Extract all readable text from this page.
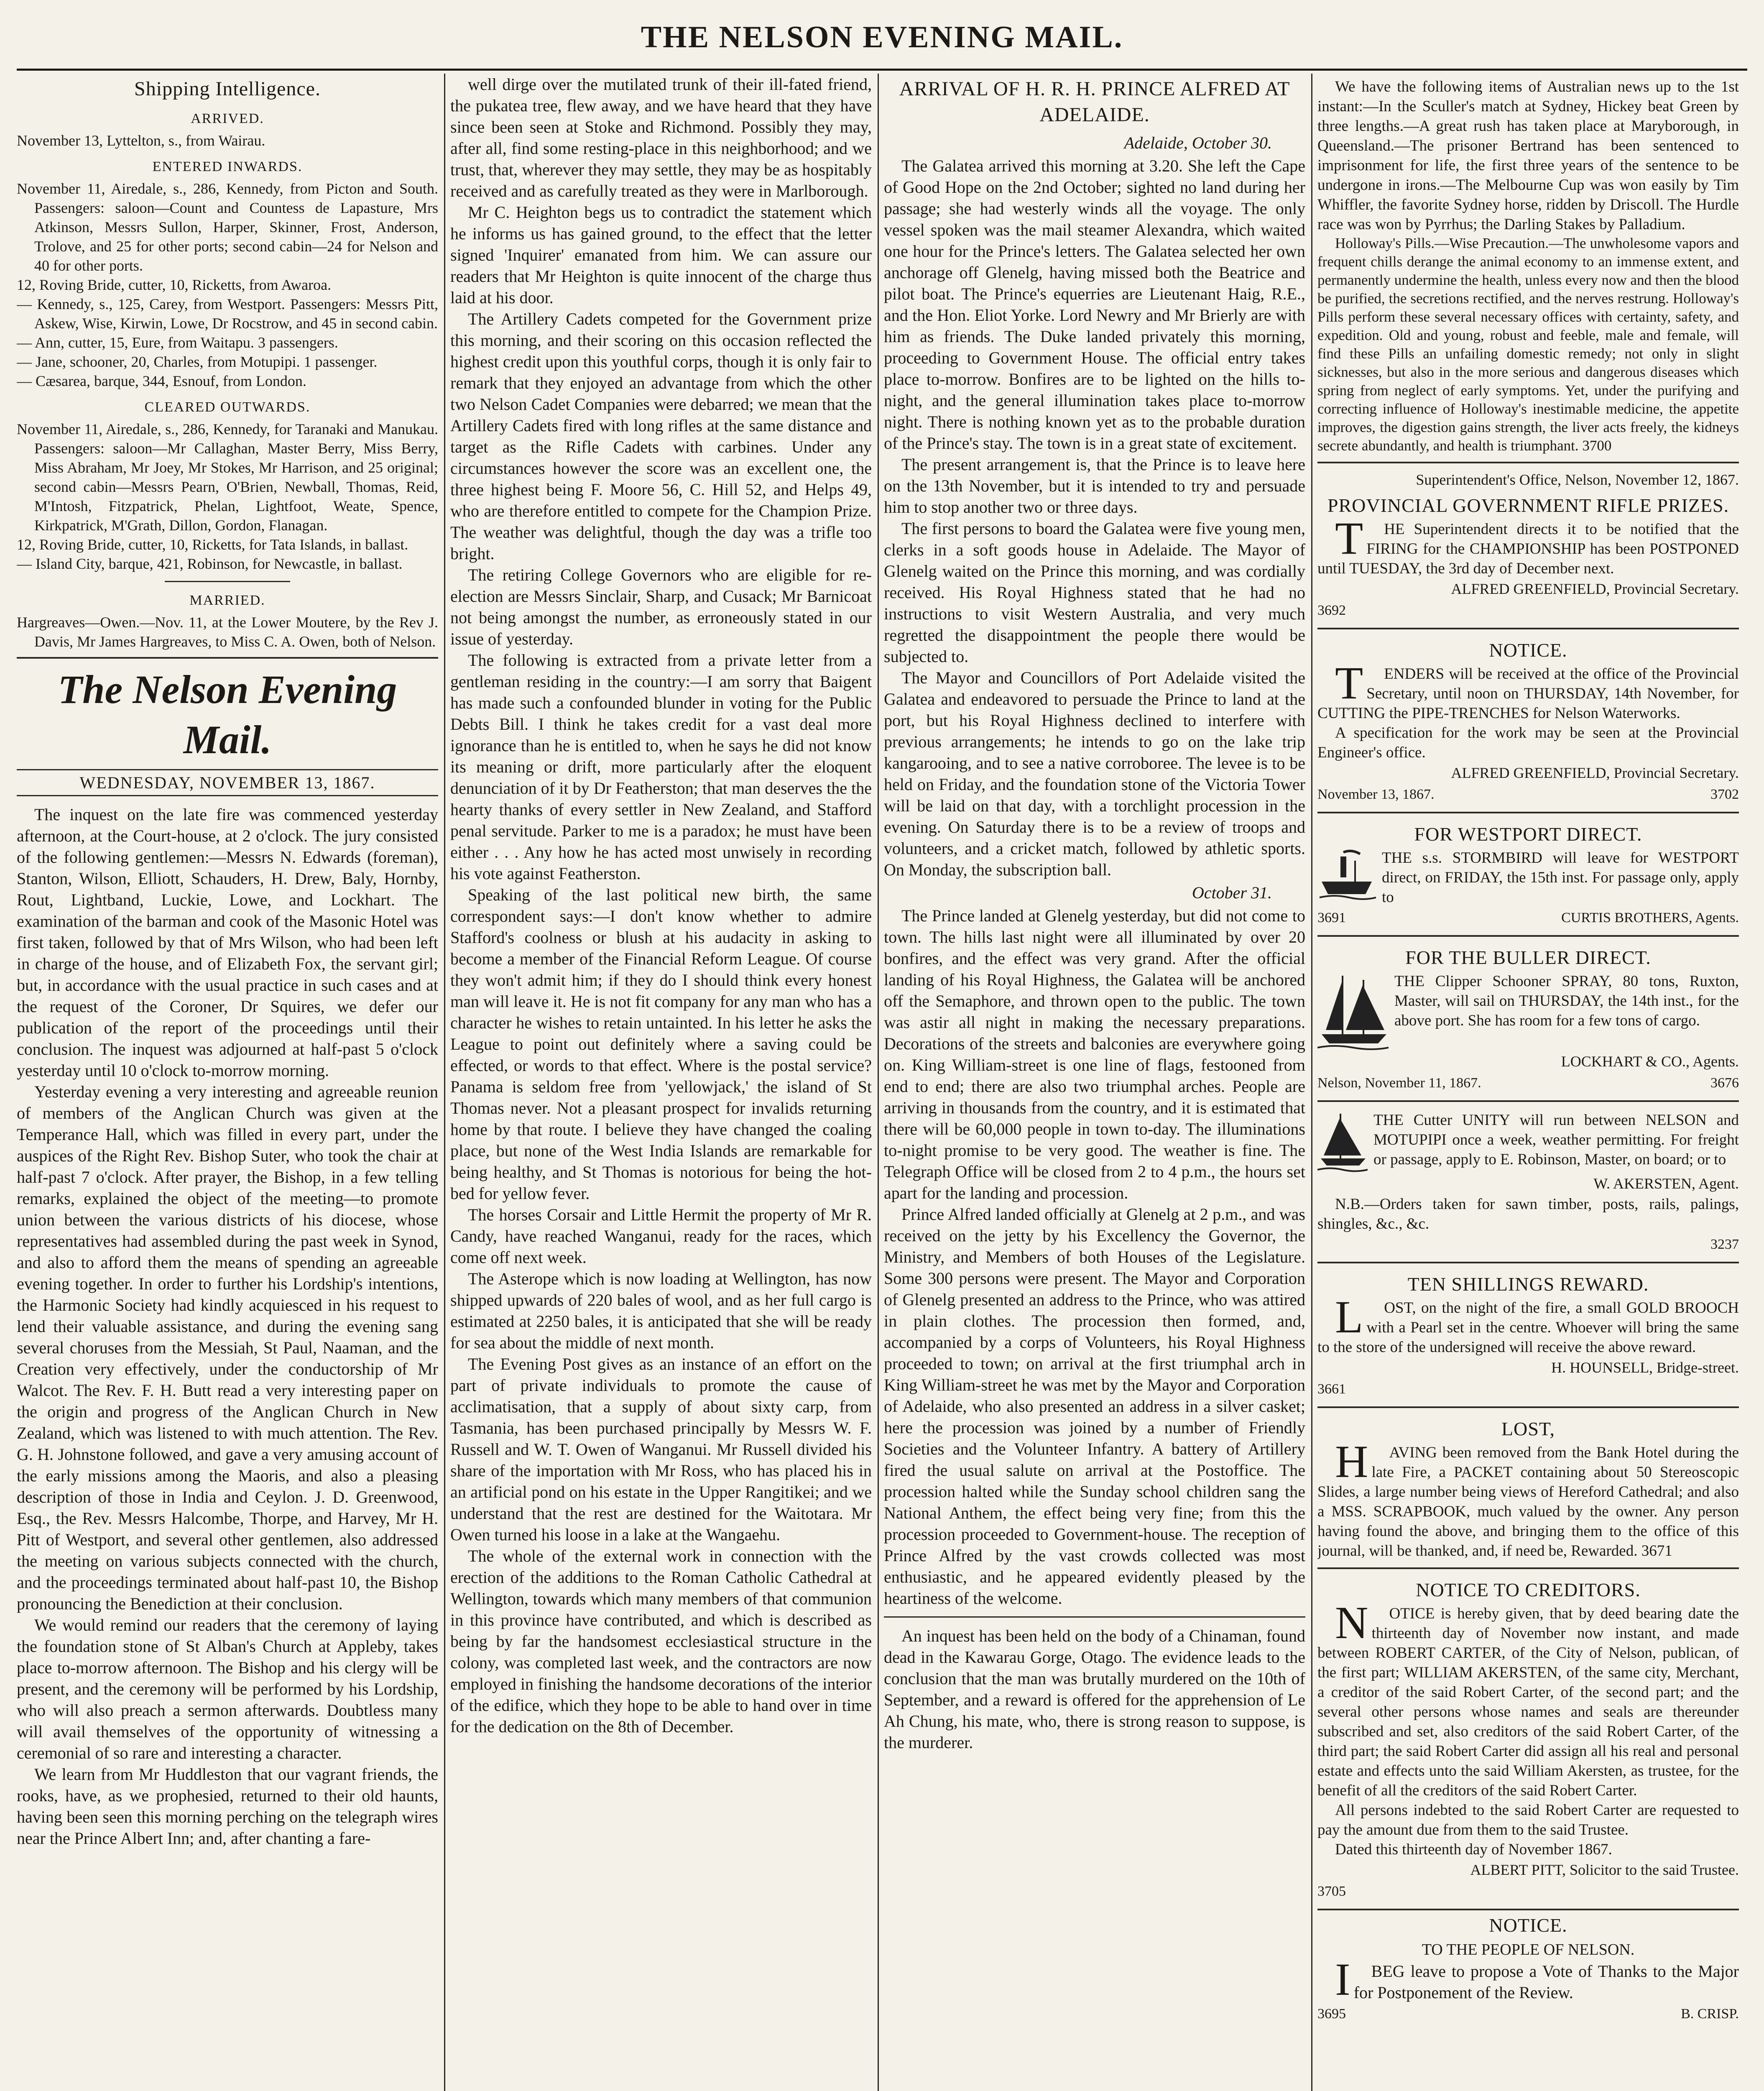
THE NELSON EVENING MAIL.
Shipping Intelligence.
ARRIVED.

November 13, Lyttelton, s., from Wairau.

ENTERED INWARDS.

November 11, Airedale, s., 286, Kennedy, from Picton and South. Passengers: saloon—Count and Countess de Lapasture, Mrs Atkinson, Messrs Sullon, Harper, Skinner, Frost, Anderson, Trolove, and 25 for other ports; second cabin—24 for Nelson and 40 for other ports.

12, Roving Bride, cutter, 10, Ricketts, from Awaroa.

— Kennedy, s., 125, Carey, from Westport. Passengers: Messrs Pitt, Askew, Wise, Kirwin, Lowe, Dr Rocstrow, and 45 in second cabin.

— Ann, cutter, 15, Eure, from Waitapu. 3 passengers.

— Jane, schooner, 20, Charles, from Motupipi. 1 passenger.

— Cæsarea, barque, 344, Esnouf, from London.

CLEARED OUTWARDS.

November 11, Airedale, s., 286, Kennedy, for Taranaki and Manukau. Passengers: saloon—Mr Callaghan, Master Berry, Miss Berry, Miss Abraham, Mr Joey, Mr Stokes, Mr Harrison, and 25 original; second cabin—Messrs Pearn, O'Brien, Newball, Thomas, Reid, M'Intosh, Fitzpatrick, Phelan, Lightfoot, Weate, Spence, Kirkpatrick, M'Grath, Dillon, Gordon, Flanagan.

12, Roving Bride, cutter, 10, Ricketts, for Tata Islands, in ballast.

— Island City, barque, 421, Robinson, for Newcastle, in ballast.

MARRIED.

Hargreaves—Owen.—Nov. 11, at the Lower Moutere, by the Rev J. Davis, Mr James Hargreaves, to Miss C. A. Owen, both of Nelson.

The Nelson Evening Mail.
WEDNESDAY, NOVEMBER 13, 1867.

The inquest on the late fire was commenced yesterday afternoon, at the Court-house, at 2 o'clock. The jury consisted of the following gentlemen:—Messrs N. Edwards (foreman), Stanton, Wilson, Elliott, Schauders, H. Drew, Baly, Hornby, Rout, Lightband, Luckie, Lowe, and Lockhart. The examination of the barman and cook of the Masonic Hotel was first taken, followed by that of Mrs Wilson, who had been left in charge of the house, and of Elizabeth Fox, the servant girl; but, in accordance with the usual practice in such cases and at the request of the Coroner, Dr Squires, we defer our publication of the report of the proceedings until their conclusion. The inquest was adjourned at half-past 5 o'clock yesterday until 10 o'clock to-morrow morning.

Yesterday evening a very interesting and agreeable reunion of members of the Anglican Church was given at the Temperance Hall, which was filled in every part, under the auspices of the Right Rev. Bishop Suter, who took the chair at half-past 7 o'clock. After prayer, the Bishop, in a few telling remarks, explained the object of the meeting—to promote union between the various districts of his diocese, whose representatives had assembled during the past week in Synod, and also to afford them the means of spending an agreeable evening together. In order to further his Lordship's intentions, the Harmonic Society had kindly acquiesced in his request to lend their valuable assistance, and during the evening sang several choruses from the Messiah, St Paul, Naaman, and the Creation very effectively, under the conductorship of Mr Walcot. The Rev. F. H. Butt read a very interesting paper on the origin and progress of the Anglican Church in New Zealand, which was listened to with much attention. The Rev. G. H. Johnstone followed, and gave a very amusing account of the early missions among the Maoris, and also a pleasing description of those in India and Ceylon. J. D. Greenwood, Esq., the Rev. Messrs Halcombe, Thorpe, and Harvey, Mr H. Pitt of Westport, and several other gentlemen, also addressed the meeting on various subjects connected with the church, and the proceedings terminated about half-past 10, the Bishop pronouncing the Benediction at their conclusion.

We would remind our readers that the ceremony of laying the foundation stone of St Alban's Church at Appleby, takes place to-morrow afternoon. The Bishop and his clergy will be present, and the ceremony will be performed by his Lordship, who will also preach a sermon afterwards. Doubtless many will avail themselves of the opportunity of witnessing a ceremonial of so rare and interesting a character.

We learn from Mr Huddleston that our vagrant friends, the rooks, have, as we prophesied, returned to their old haunts, having been seen this morning perching on the telegraph wires near the Prince Albert Inn; and, after chanting a fare-

well dirge over the mutilated trunk of their ill-fated friend, the pukatea tree, flew away, and we have heard that they have since been seen at Stoke and Richmond. Possibly they may, after all, find some resting-place in this neighborhood; and we trust, that, wherever they may settle, they may be as hospitably received and as carefully treated as they were in Marlborough.

Mr C. Heighton begs us to contradict the statement which he informs us has gained ground, to the effect that the letter signed 'Inquirer' emanated from him. We can assure our readers that Mr Heighton is quite innocent of the charge thus laid at his door.

The Artillery Cadets competed for the Government prize this morning, and their scoring on this occasion reflected the highest credit upon this youthful corps, though it is only fair to remark that they enjoyed an advantage from which the other two Nelson Cadet Companies were debarred; we mean that the Artillery Cadets fired with long rifles at the same distance and target as the Rifle Cadets with carbines. Under any circumstances however the score was an excellent one, the three highest being F. Moore 56, C. Hill 52, and Helps 49, who are therefore entitled to compete for the Champion Prize. The weather was delightful, though the day was a trifle too bright.

The retiring College Governors who are eligible for re-election are Messrs Sinclair, Sharp, and Cusack; Mr Barnicoat not being amongst the number, as erroneously stated in our issue of yesterday.

The following is extracted from a private letter from a gentleman residing in the country:—I am sorry that Baigent has made such a confounded blunder in voting for the Public Debts Bill. I think he takes credit for a vast deal more ignorance than he is entitled to, when he says he did not know its meaning or drift, more particularly after the eloquent denunciation of it by Dr Featherston; that man deserves the the hearty thanks of every settler in New Zealand, and Stafford penal servitude. Parker to me is a paradox; he must have been either . . . Any how he has acted most unwisely in recording his vote against Featherston.

Speaking of the last political new birth, the same correspondent says:—I don't know whether to admire Stafford's coolness or blush at his audacity in asking to become a member of the Financial Reform League. Of course they won't admit him; if they do I should think every honest man will leave it. He is not fit company for any man who has a character he wishes to retain untainted. In his letter he asks the League to point out definitely where a saving could be effected, or words to that effect. Where is the postal service? Panama is seldom free from 'yellowjack,' the island of St Thomas never. Not a pleasant prospect for invalids returning home by that route. I believe they have changed the coaling place, but none of the West India Islands are remarkable for being healthy, and St Thomas is notorious for being the hot-bed for yellow fever.

The horses Corsair and Little Hermit the property of Mr R. Candy, have reached Wanganui, ready for the races, which come off next week.

The Asterope which is now loading at Wellington, has now shipped upwards of 220 bales of wool, and as her full cargo is estimated at 2250 bales, it is anticipated that she will be ready for sea about the middle of next month.

The Evening Post gives as an instance of an effort on the part of private individuals to promote the cause of acclimatisation, that a supply of about sixty carp, from Tasmania, has been purchased principally by Messrs W. F. Russell and W. T. Owen of Wanganui. Mr Russell divided his share of the importation with Mr Ross, who has placed his in an artificial pond on his estate in the Upper Rangitikei; and we understand that the rest are destined for the Waitotara. Mr Owen turned his loose in a lake at the Wangaehu.

The whole of the external work in connection with the erection of the additions to the Roman Catholic Cathedral at Wellington, towards which many members of that communion in this province have contributed, and which is described as being by far the handsomest ecclesiastical structure in the colony, was completed last week, and the contractors are now employed in finishing the handsome decorations of the interior of the edifice, which they hope to be able to hand over in time for the dedication on the 8th of December.

ARRIVAL OF H. R. H. PRINCE ALFRED AT ADELAIDE.
Adelaide, October 30.

The Galatea arrived this morning at 3.20. She left the Cape of Good Hope on the 2nd October; sighted no land during her passage; she had westerly winds all the voyage. The only vessel spoken was the mail steamer Alexandra, which waited one hour for the Prince's letters. The Galatea selected her own anchorage off Glenelg, having missed both the Beatrice and pilot boat. The Prince's equerries are Lieutenant Haig, R.E., and the Hon. Eliot Yorke. Lord Newry and Mr Brierly are with him as friends. The Duke landed privately this morning, proceeding to Government House. The official entry takes place to-morrow. Bonfires are to be lighted on the hills to-night, and the general illumination takes place to-morrow night. There is nothing known yet as to the probable duration of the Prince's stay. The town is in a great state of excitement.

The present arrangement is, that the Prince is to leave here on the 13th November, but it is intended to try and persuade him to stop another two or three days.

The first persons to board the Galatea were five young men, clerks in a soft goods house in Adelaide. The Mayor of Glenelg waited on the Prince this morning, and was cordially received. His Royal Highness stated that he had no instructions to visit Western Australia, and very much regretted the disappointment the people there would be subjected to.

The Mayor and Councillors of Port Adelaide visited the Galatea and endeavored to persuade the Prince to land at the port, but his Royal Highness declined to interfere with previous arrangements; he intends to go on the lake trip kangarooing, and to see a native corroboree. The levee is to be held on Friday, and the foundation stone of the Victoria Tower will be laid on that day, with a torchlight procession in the evening. On Saturday there is to be a review of troops and volunteers, and a cricket match, followed by athletic sports. On Monday, the subscription ball.

October 31.

The Prince landed at Glenelg yesterday, but did not come to town. The hills last night were all illuminated by over 20 bonfires, and the effect was very grand. After the official landing of his Royal Highness, the Galatea will be anchored off the Semaphore, and thrown open to the public. The town was astir all night in making the necessary preparations. Decorations of the streets and balconies are everywhere going on. King William-street is one line of flags, festooned from end to end; there are also two triumphal arches. People are arriving in thousands from the country, and it is estimated that there will be 60,000 people in town to-day. The illuminations to-night promise to be very good. The weather is fine. The Telegraph Office will be closed from 2 to 4 p.m., the hours set apart for the landing and procession.

Prince Alfred landed officially at Glenelg at 2 p.m., and was received on the jetty by his Excellency the Governor, the Ministry, and Members of both Houses of the Legislature. Some 300 persons were present. The Mayor and Corporation of Glenelg presented an address to the Prince, who was attired in plain clothes. The procession then formed, and, accompanied by a corps of Volunteers, his Royal Highness proceeded to town; on arrival at the first triumphal arch in King William-street he was met by the Mayor and Corporation of Adelaide, who also presented an address in a silver casket; here the procession was joined by a number of Friendly Societies and the Volunteer Infantry. A battery of Artillery fired the usual salute on arrival at the Postoffice. The procession halted while the Sunday school children sang the National Anthem, the effect being very fine; from this the procession proceeded to Government-house. The reception of Prince Alfred by the vast crowds collected was most enthusiastic, and he appeared evidently pleased by the heartiness of the welcome.

An inquest has been held on the body of a Chinaman, found dead in the Kawarau Gorge, Otago. The evidence leads to the conclusion that the man was brutally murdered on the 10th of September, and a reward is offered for the apprehension of Le Ah Chung, his mate, who, there is strong reason to suppose, is the murderer.

We have the following items of Australian news up to the 1st instant:—In the Sculler's match at Sydney, Hickey beat Green by three lengths.—A great rush has taken place at Maryborough, in Queensland.—The prisoner Bertrand has been sentenced to imprisonment for life, the first three years of the sentence to be undergone in irons.—The Melbourne Cup was won easily by Tim Whiffler, the favorite Sydney horse, ridden by Driscoll. The Hurdle race was won by Pyrrhus; the Darling Stakes by Palladium.

Holloway's Pills.—Wise Precaution.—The unwholesome vapors and frequent chills derange the animal economy to an immense extent, and permanently undermine the health, unless every now and then the blood be purified, the secretions rectified, and the nerves restrung. Holloway's Pills perform these several necessary offices with certainty, safety, and expedition. Old and young, robust and feeble, male and female, will find these Pills an unfailing domestic remedy; not only in slight sicknesses, but also in the more serious and dangerous diseases which spring from neglect of early symptoms. Yet, under the purifying and correcting influence of Holloway's inestimable medicine, the appetite improves, the digestion gains strength, the liver acts freely, the kidneys secrete abundantly, and health is triumphant. 3700

Superintendent's Office, Nelson, November 12, 1867.
PROVINCIAL GOVERNMENT RIFLE PRIZES.

THE Superintendent directs it to be notified that the FIRING for the CHAMPIONSHIP has been POSTPONED until TUESDAY, the 3rd day of December next.

ALFRED GREENFIELD, Provincial Secretary.
3692
NOTICE.

TENDERS will be received at the office of the Provincial Secretary, until noon on THURSDAY, 14th November, for CUTTING the PIPE-TRENCHES for Nelson Waterworks.

A specification for the work may be seen at the Provincial Engineer's office.

ALFRED GREENFIELD, Provincial Secretary.
November 13, 1867.	3702
FOR WESTPORT DIRECT.

THE s.s. STORMBIRD will leave for WESTPORT direct, on FRIDAY, the 15th inst. For passage only, apply to

3691	CURTIS BROTHERS, Agents.
FOR THE BULLER DIRECT.

THE Clipper Schooner SPRAY, 80 tons, Ruxton, Master, will sail on THURSDAY, the 14th inst., for the above port. She has room for a few tons of cargo.

LOCKHART & CO., Agents.
Nelson, November 11, 1867.	3676

THE Cutter UNITY will run between NELSON and MOTUPIPI once a week, weather permitting. For freight or passage, apply to E. Robinson, Master, on board; or to

W. AKERSTEN, Agent.

N.B.—Orders taken for sawn timber, posts, rails, palings, shingles, &c., &c.

3237
TEN SHILLINGS REWARD.

LOST, on the night of the fire, a small GOLD BROOCH with a Pearl set in the centre. Whoever will bring the same to the store of the undersigned will receive the above reward.

H. HOUNSELL, Bridge-street.
3661
LOST,

HAVING been removed from the Bank Hotel during the late Fire, a PACKET containing about 50 Stereoscopic Slides, a large number being views of Hereford Cathedral; and also a MSS. SCRAPBOOK, much valued by the owner. Any person having found the above, and bringing them to the office of this journal, will be thanked, and, if need be, Rewarded. 3671

NOTICE TO CREDITORS.

NOTICE is hereby given, that by deed bearing date the thirteenth day of November now instant, and made between ROBERT CARTER, of the City of Nelson, publican, of the first part; WILLIAM AKERSTEN, of the same city, Merchant, a creditor of the said Robert Carter, of the second part; and the several other persons whose names and seals are thereunder subscribed and set, also creditors of the said Robert Carter, of the third part; the said Robert Carter did assign all his real and personal estate and effects unto the said William Akersten, as trustee, for the benefit of all the creditors of the said Robert Carter.

All persons indebted to the said Robert Carter are requested to pay the amount due from them to the said Trustee.

Dated this thirteenth day of November 1867.

ALBERT PITT, Solicitor to the said Trustee.
3705
NOTICE.
TO THE PEOPLE OF NELSON.

IBEG leave to propose a Vote of Thanks to the Major for Postponement of the Review.

3695	B. CRISP.
